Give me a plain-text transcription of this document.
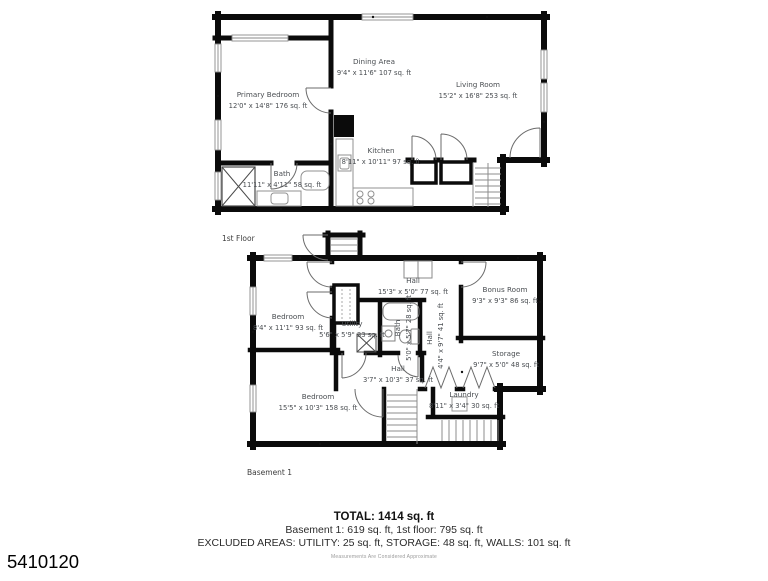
Primary Bedroom
12'0" x 14'8" 176 sq. ft
Dining Area
9'4" x 11'6" 107 sq. ft
Living Room
15'2" x 16'8" 253 sq. ft
Kitchen
8'11" x 10'11" 97 sq. ft
Bath
11'11" x 4'11" 58 sq. ft
1st Floor
Hall
15'3" x 5'0" 77 sq. ft	Bonus Room
9'3" x 9'3" 86 sq. ft
Bedroom
8'4" x 11'1" 93 sq. ft	Utility
5'6" x 5'9" 33 sq. ft Bath 5'0" x 5'7" 28 sq. ft Hall 4'4" x 9'7" 41 sq. ft
Hall
3'7" x 10'3" 37 sq. ft
Storage
9'7" x 5'0" 48 sq. ft
Laundry
8'11" x 3'4" 30 sq. ft
Bedroom
15'5" x 10'3" 158 sq. ft
Basement 1
TOTAL: 1414 sq. ft
Basement 1: 619 sq. ft, 1st floor: 795 sq. ft
EXCLUDED AREAS: UTILITY: 25 sq. ft, STORAGE: 48 sq. ft, WALLS: 101 sq. ft
Measurements Are Considered Approximate
5410120
